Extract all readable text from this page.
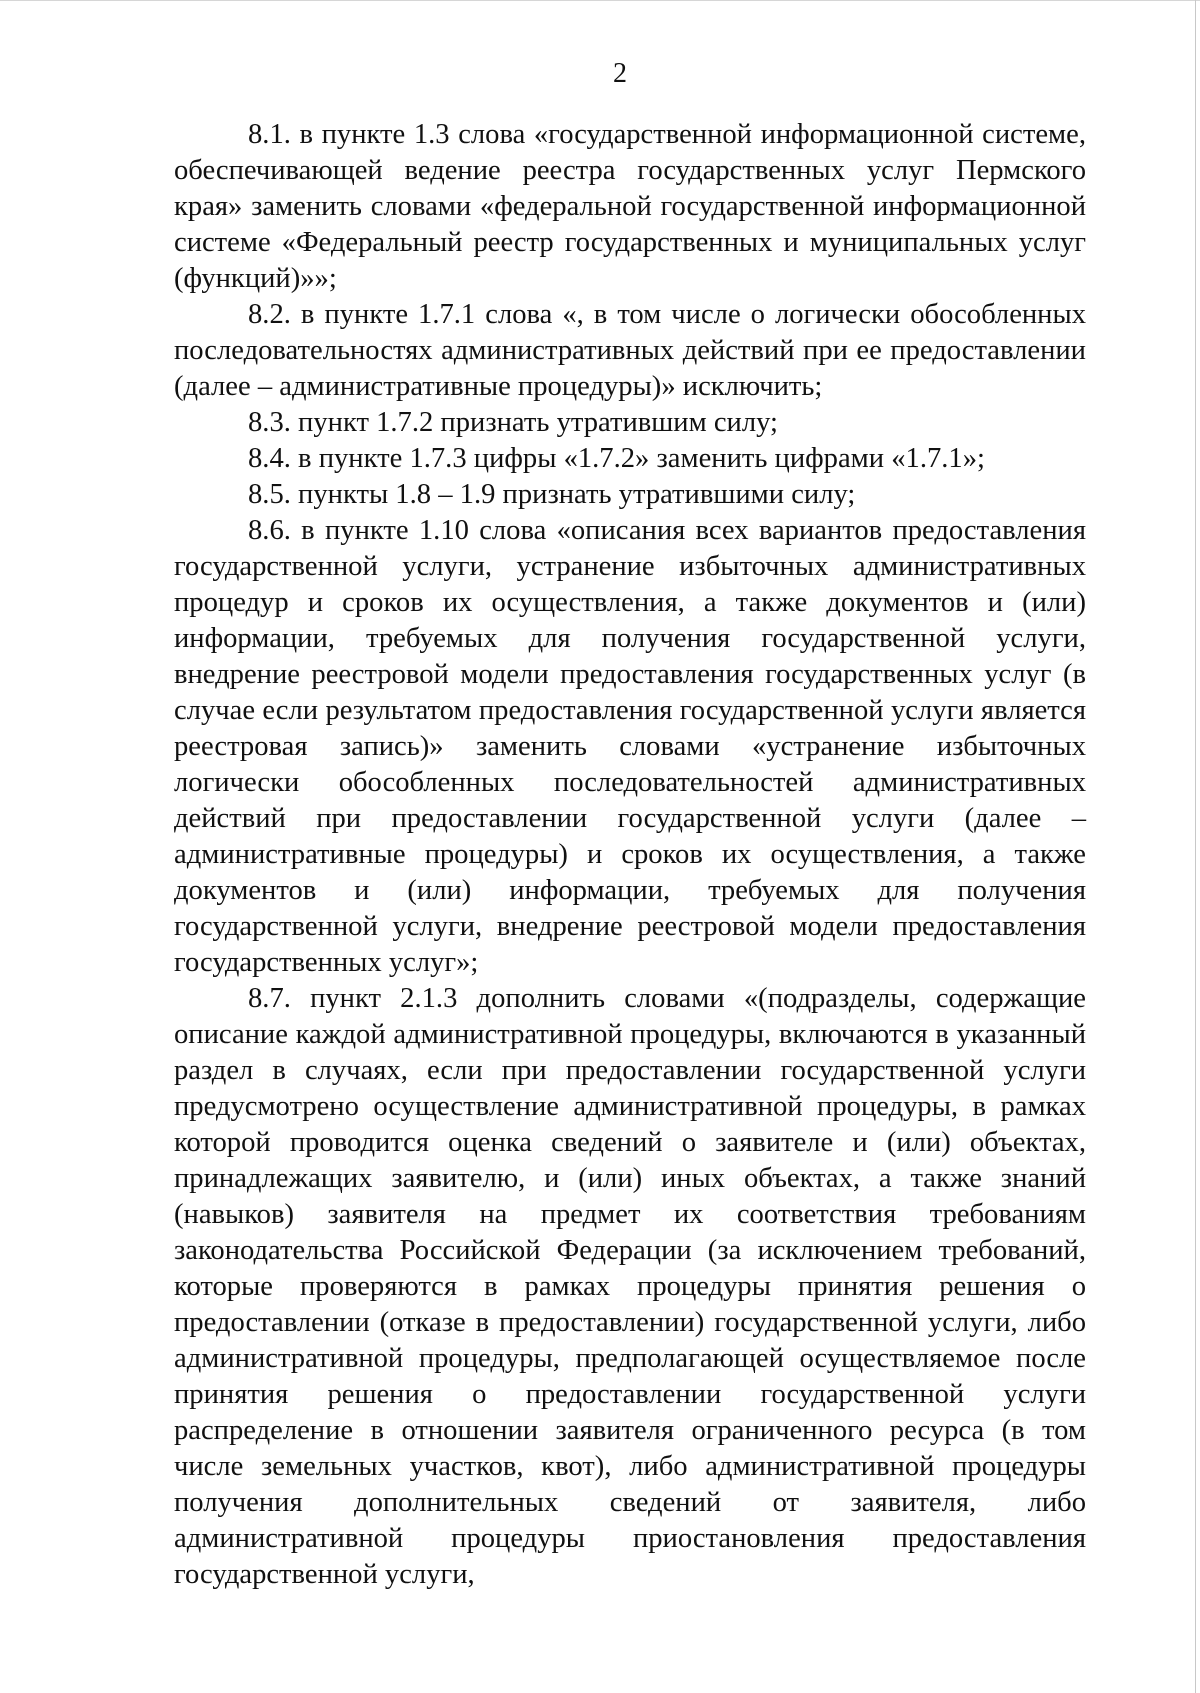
2

8.1. в пункте 1.3 слова «государственной информационной системе, обеспечивающей ведение реестра государственных услуг Пермского края» заменить словами «федеральной государственной информационной системе «Федеральный реестр государственных и муниципальных услуг (функций)»»;

8.2. в пункте 1.7.1 слова «, в том числе о логически обособленных последовательностях административных действий при ее предоставлении (далее – административные процедуры)» исключить;

8.3. пункт 1.7.2 признать утратившим силу;

8.4. в пункте 1.7.3 цифры «1.7.2» заменить цифрами «1.7.1»;

8.5. пункты 1.8 – 1.9 признать утратившими силу;

8.6. в пункте 1.10 слова «описания всех вариантов предоставления государственной услуги, устранение избыточных административных процедур и сроков их осуществления, а также документов и (или) информации, требуемых для получения государственной услуги, внедрение реестровой модели предоставления государственных услуг (в случае если результатом предоставления государственной услуги является реестровая запись)» заменить словами «устранение избыточных логически обособленных последовательностей административных действий при предоставлении государственной услуги (далее – административные процедуры) и сроков их осуществления, а также документов и (или) информации, требуемых для получения государственной услуги, внедрение реестровой модели предоставления государственных услуг»;

8.7. пункт 2.1.3 дополнить словами «(подразделы, содержащие описание каждой административной процедуры, включаются в указанный раздел в случаях, если при предоставлении государственной услуги предусмотрено осуществление административной процедуры, в рамках которой проводится оценка сведений о заявителе и (или) объектах, принадлежащих заявителю, и (или) иных объектах, а также знаний (навыков) заявителя на предмет их соответствия требованиям законодательства Российской Федерации (за исключением требований, которые проверяются в рамках процедуры принятия решения о предоставлении (отказе в предоставлении) государственной услуги, либо административной процедуры, предполагающей осуществляемое после принятия решения о предоставлении государственной услуги распределение в отношении заявителя ограниченного ресурса (в том числе земельных участков, квот), либо административной процедуры получения дополнительных сведений от заявителя, либо административной процедуры приостановления предоставления государственной услуги,
